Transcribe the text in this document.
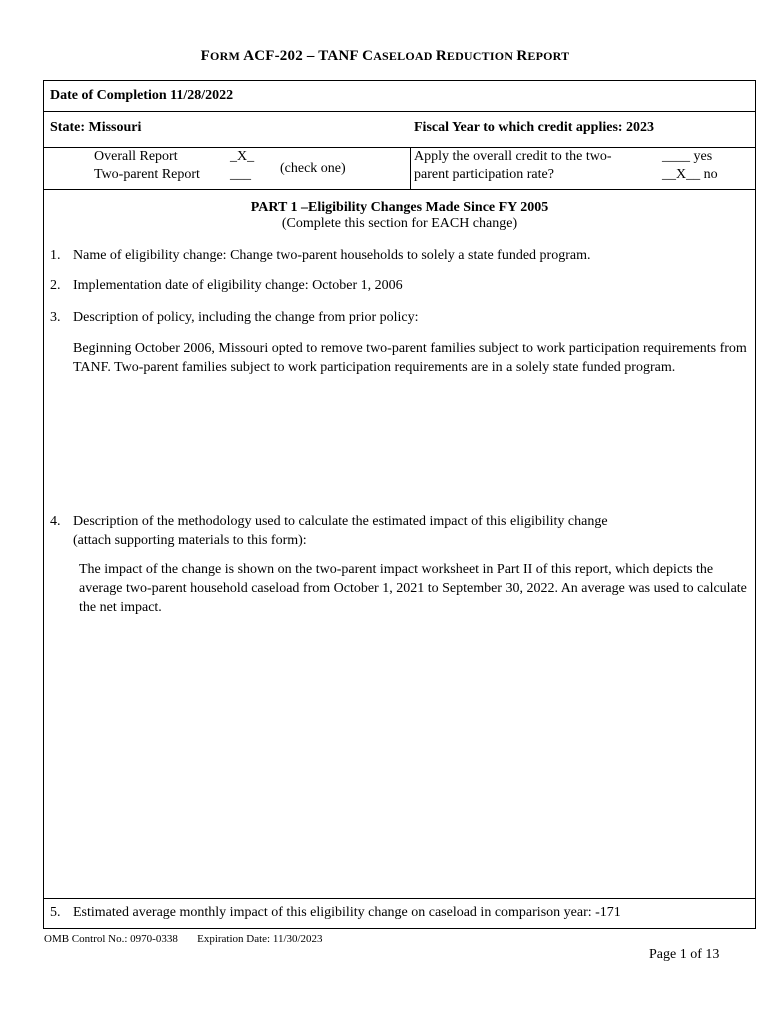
FORM ACF-202 – TANF CASELOAD REDUCTION REPORT
Date of Completion 11/28/2022
State: Missouri	Fiscal Year to which credit applies: 2023
Overall Report	_X_
Two-parent Report ___ (check one)
Apply the overall credit to the two-
parent participation rate?
____ yes
__X__ no
PART 1 –Eligibility Changes Made Since FY 2005
(Complete this section for EACH change)
1. Name of eligibility change: Change two-parent households to solely a state funded program.
2. Implementation date of eligibility change: October 1, 2006
3. Description of policy, including the change from prior policy:
Beginning October 2006, Missouri opted to remove two-parent families subject to work participation requirements from TANF. Two-parent families subject to work participation requirements are in a solely state funded program.
4. Description of the methodology used to calculate the estimated impact of this eligibility change
(attach supporting materials to this form):
The impact of the change is shown on the two-parent impact worksheet in Part II of this report, which depicts the average two-parent household caseload from October 1, 2021 to September 30, 2022. An average was used to calculate the net impact.
5. Estimated average monthly impact of this eligibility change on caseload in comparison year: -171
OMB Control No.: 0970-0338 Expiration Date: 11/30/2023
Page 1 of 13
